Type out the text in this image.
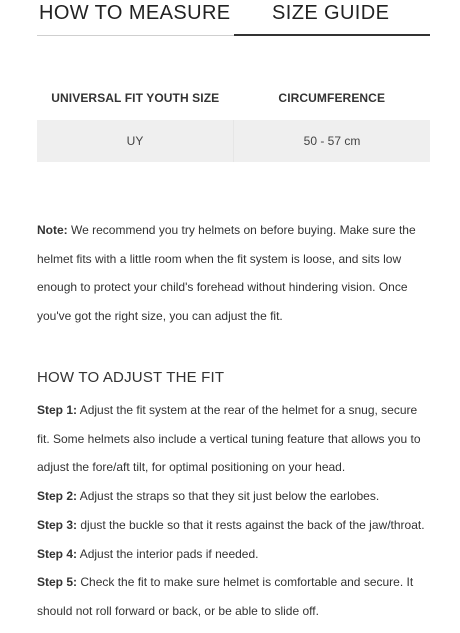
HOW TO MEASURE SIZE GUIDE
UNIVERSAL FIT YOUTH SIZE	CIRCUMFERENCE
UY	50 - 57 cm

Note: We recommend you try helmets on before buying. Make sure the helmet fits with a little room when the fit system is loose, and sits low enough to protect your child's forehead without hindering vision. Once you've got the right size, you can adjust the fit.

HOW TO ADJUST THE FIT

Step 1: Adjust the fit system at the rear of the helmet for a snug, secure fit. Some helmets also include a vertical tuning feature that allows you to adjust the fore/aft tilt, for optimal positioning on your head.

Step 2: Adjust the straps so that they sit just below the earlobes.

Step 3: djust the buckle so that it rests against the back of the jaw/throat.

Step 4: Adjust the interior pads if needed.

Step 5: Check the fit to make sure helmet is comfortable and secure. It should not roll forward or back, or be able to slide off.
